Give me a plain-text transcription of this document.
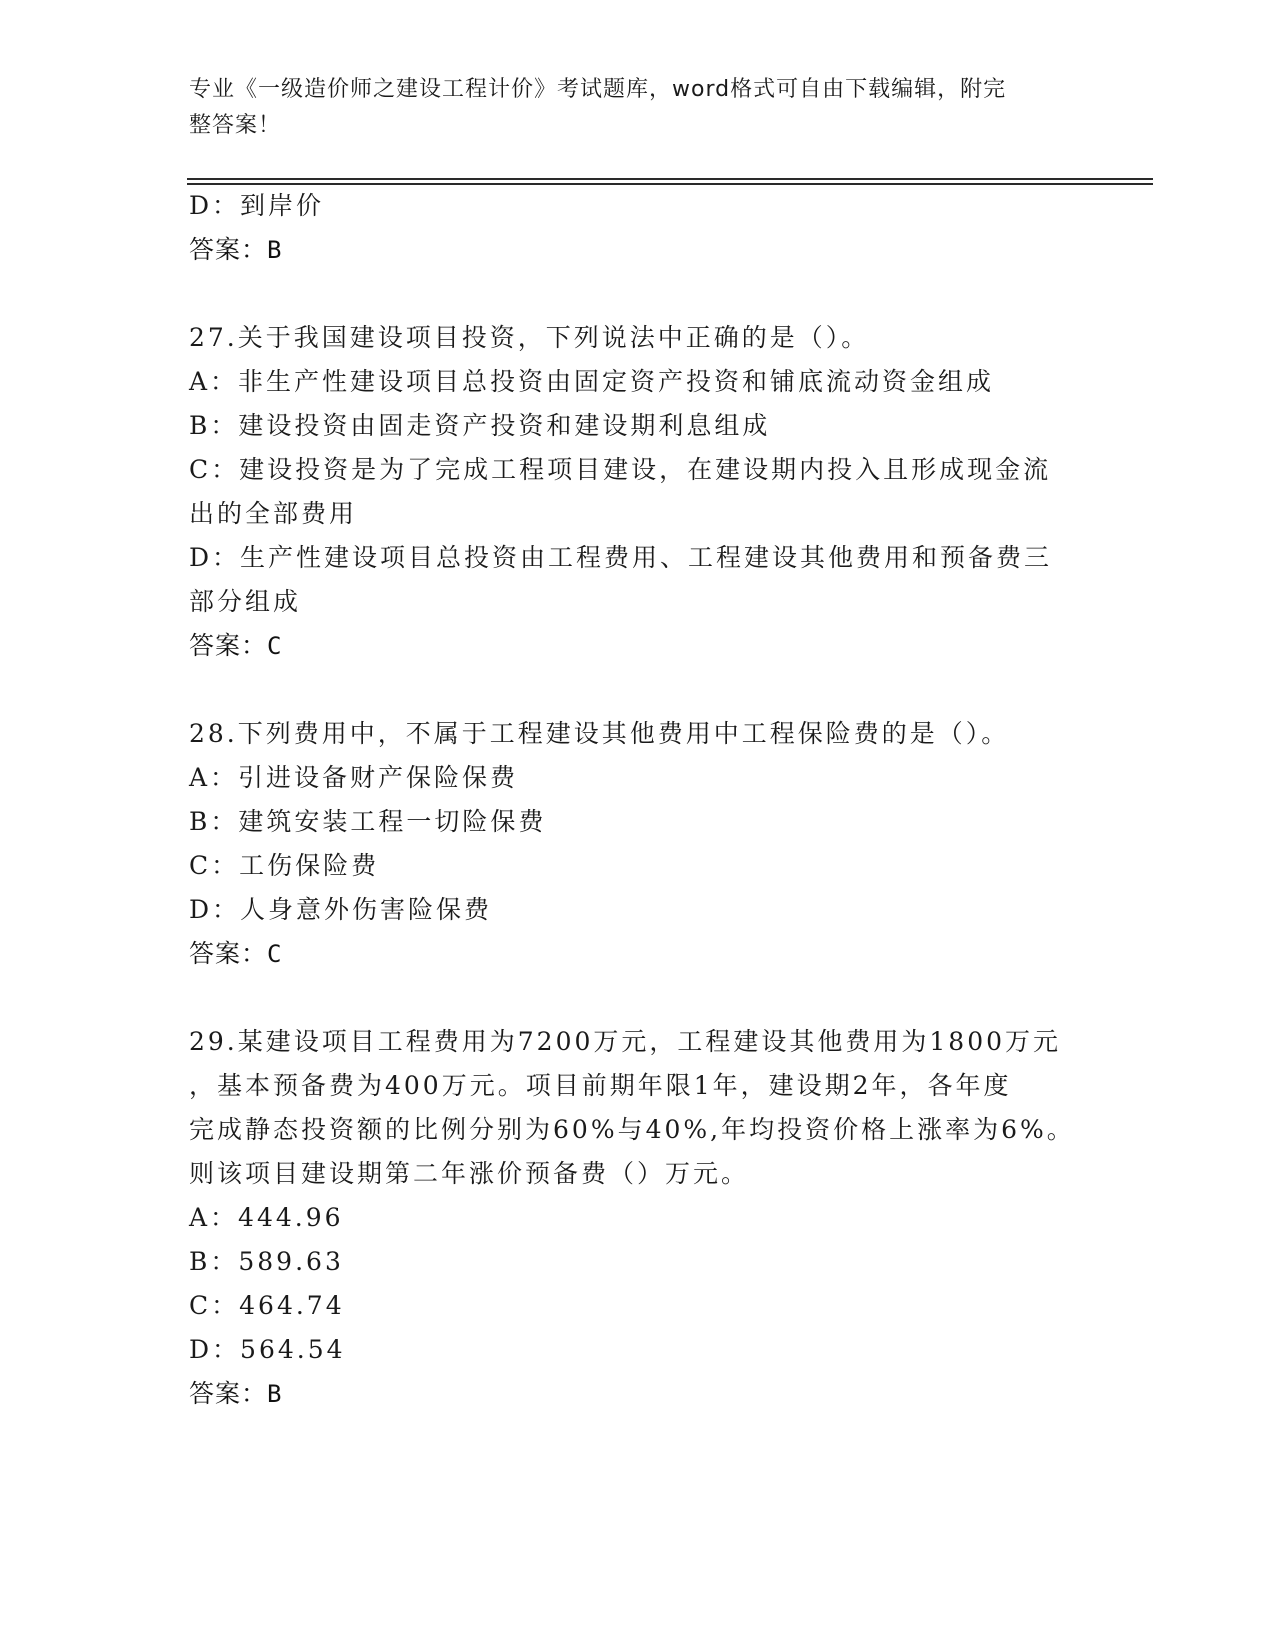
专业《一级造价师之建设工程计价》考试题库，word格式可自由下载编辑，附完
整答案！
D：到岸价
答案：B
27.关于我国建设项目投资，下列说法中正确的是（）。
A：非生产性建设项目总投资由固定资产投资和铺底流动资金组成
B：建设投资由固走资产投资和建设期利息组成
C：建设投资是为了完成工程项目建设，在建设期内投入且形成现金流
出的全部费用
D：生产性建设项目总投资由工程费用、工程建设其他费用和预备费三
部分组成
答案：C
28.下列费用中，不属于工程建设其他费用中工程保险费的是（）。
A：引进设备财产保险保费
B：建筑安装工程一切险保费
C：工伤保险费
D：人身意外伤害险保费
答案：C
29.某建设项目工程费用为7200万元，工程建设其他费用为1800万元
，基本预备费为400万元。项目前期年限1年，建设期2年，各年度
完成静态投资额的比例分别为60%与40%,年均投资价格上涨率为6%。
则该项目建设期第二年涨价预备费（）万元。
A：444.96
B：589.63
C：464.74
D：564.54
答案：B
